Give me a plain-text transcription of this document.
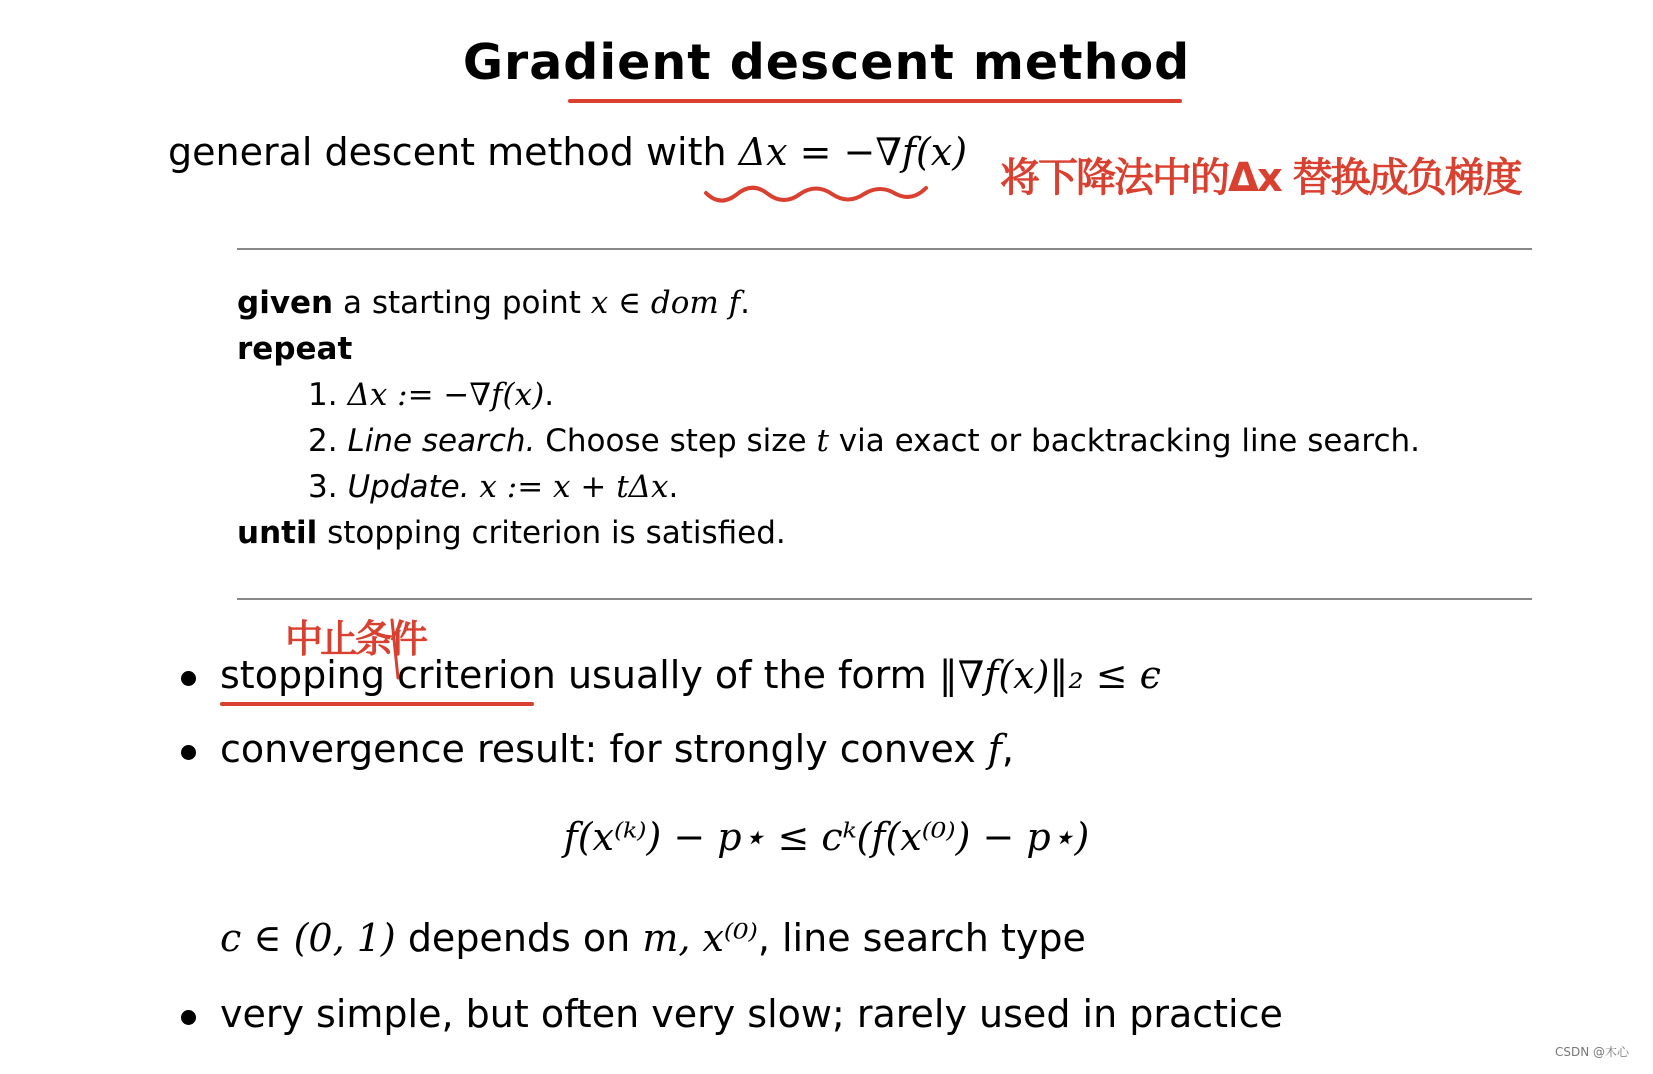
Gradient descent method
general descent method with Δx = −∇f(x)
given a starting point x ∈ dom f.
repeat
1. Δx := −∇f(x).
2. Line search. Choose step size t via exact or backtracking line search.
3. Update. x := x + tΔx.
until stopping criterion is satisfied.
stopping criterion usually of the form ‖∇f(x)‖₂ ≤ ϵ
convergence result: for strongly convex f,
f(x⁽ᵏ⁾) − p⋆ ≤ cᵏ(f(x⁽⁰⁾) − p⋆)
c ∈ (0, 1) depends on m, x⁽⁰⁾, line search type
very simple, but often very slow; rarely used in practice
将下降法中的Δx 替换成负梯度
中止条件
CSDN @木心
